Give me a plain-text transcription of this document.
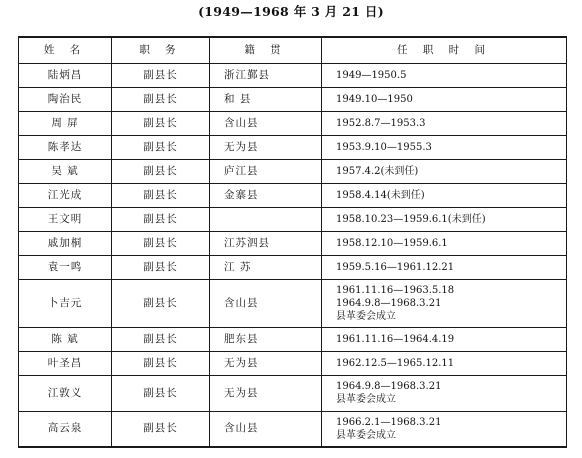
(1949—1968 年 3 月 21 日)
姓 名	职 务	籍 贯	任 职 时 间
陆炳昌	副县长	浙江鄞县	1949—1950.5

陶治民	副县长	和 县	1949.10—1950

周 屏	副县长	含山县	1952.8.7—1953.3

陈孝达	副县长	无为县	1953.9.10—1955.3

吴 斌	副县长	庐江县	1957.4.2(未到任)

江光成	副县长	金寨县	1958.4.14(未到任)

王文明	副县长		1958.10.23—1959.6.1(未到任)

戚加桐	副县长	江苏泗县	1958.12.10—1959.6.1

袁一鸣	副县长	江 苏	1959.5.16—1961.12.21

卜吉元	副县长	含山县	1961.11.16—1963.5.18
1964.9.8—1968.3.21
县革委会成立

陈 斌	副县长	肥东县	1961.11.16—1964.4.19

叶圣昌	副县长	无为县	1962.12.5—1965.12.11

江敦义	副县长	无为县	1964.9.8—1968.3.21
县革委会成立

高云泉	副县长	含山县	1966.2.1—1968.3.21
县革委会成立
